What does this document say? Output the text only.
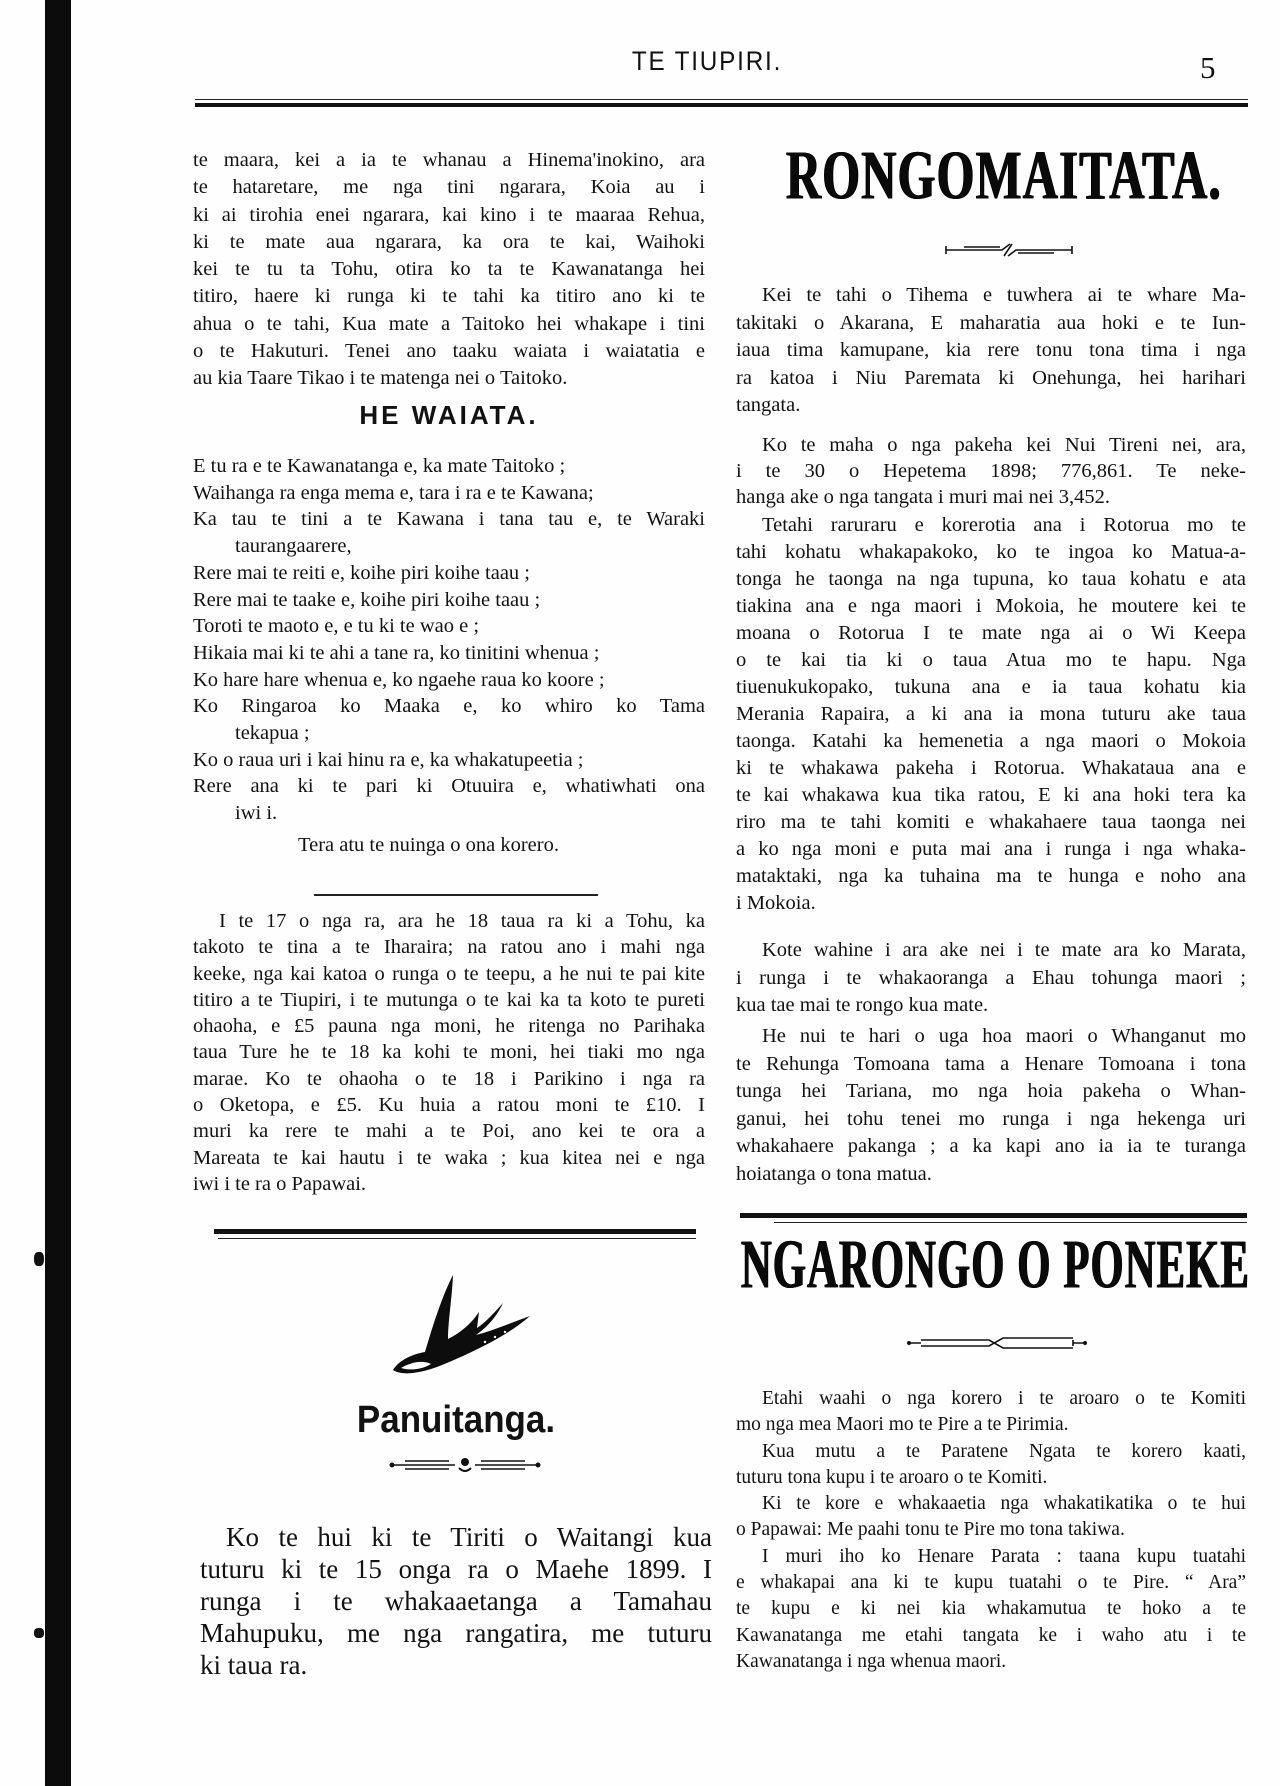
TE TIUPIRI.	5
te maara, kei a ia te whanau a Hinema'inokino, ara
te hataretare, me nga tini ngarara, Koia au i
ki ai tirohia enei ngarara, kai kino i te maaraa Rehua,
ki te mate aua ngarara, ka ora te kai, Waihoki
kei te tu ta Tohu, otira ko ta te Kawanatanga hei
titiro, haere ki runga ki te tahi ka titiro ano ki te
ahua o te tahi, Kua mate a Taitoko hei whakape i tini
o te Hakuturi. Tenei ano taaku waiata i waiatatia e
au kia Taare Tikao i te matenga nei o Taitoko.
HE WAIATA.
E tu ra e te Kawanatanga e, ka mate Taitoko ;
Waihanga ra enga mema e, tara i ra e te Kawana;
Ka tau te tini a te Kawana i tana tau e, te Waraki
taurangaarere,
Rere mai te reiti e, koihe piri koihe taau ;
Rere mai te taake e, koihe piri koihe taau ;
Toroti te maoto e, e tu ki te wao e ;
Hikaia mai ki te ahi a tane ra, ko tinitini whenua ;
Ko hare hare whenua e, ko ngaehe raua ko koore ;
Ko Ringaroa ko Maaka e, ko whiro ko Tama
tekapua ;
Ko o raua uri i kai hinu ra e, ka whakatupeetia ;
Rere ana ki te pari ki Otuuira e, whatiwhati ona
iwi i.
Tera atu te nuinga o ona korero.
I te 17 o nga ra, ara he 18 taua ra ki a Tohu, ka
takoto te tina a te Iharaira; na ratou ano i mahi nga
keeke, nga kai katoa o runga o te teepu, a he nui te pai kite
titiro a te Tiupiri, i te mutunga o te kai ka ta koto te pureti
ohaoha, e £5 pauna nga moni, he ritenga no Parihaka
taua Ture he te 18 ka kohi te moni, hei tiaki mo nga
marae. Ko te ohaoha o te 18 i Parikino i nga ra
o Oketopa, e £5. Ku huia a ratou moni te £10. I
muri ka rere te mahi a te Poi, ano kei te ora a
Mareata te kai hautu i te waka ; kua kitea nei e nga
iwi i te ra o Papawai.
Panuitanga.
Ko te hui ki te Tiriti o Waitangi kua
tuturu ki te 15 onga ra o Maehe 1899. I
runga i te whakaaetanga a Tamahau
Mahupuku, me nga rangatira, me tuturu
ki taua ra.
RONGOMAITATA.
Kei te tahi o Tihema e tuwhera ai te whare Ma-
takitaki o Akarana, E maharatia aua hoki e te Iun-
iaua tima kamupane, kia rere tonu tona tima i nga
ra katoa i Niu Paremata ki Onehunga, hei harihari
tangata.
Ko te maha o nga pakeha kei Nui Tireni nei, ara,
i te 30 o Hepetema 1898; 776,861. Te neke-
hanga ake o nga tangata i muri mai nei 3,452.
Tetahi raruraru e korerotia ana i Rotorua mo te
tahi kohatu whakapakoko, ko te ingoa ko Matua-a-
tonga he taonga na nga tupuna, ko taua kohatu e ata
tiakina ana e nga maori i Mokoia, he moutere kei te
moana o Rotorua I te mate nga ai o Wi Keepa
o te kai tia ki o taua Atua mo te hapu. Nga
tiuenukukopako, tukuna ana e ia taua kohatu kia
Merania Rapaira, a ki ana ia mona tuturu ake taua
taonga. Katahi ka hemenetia a nga maori o Mokoia
ki te whakawa pakeha i Rotorua. Whakataua ana e
te kai whakawa kua tika ratou, E ki ana hoki tera ka
riro ma te tahi komiti e whakahaere taua taonga nei
a ko nga moni e puta mai ana i runga i nga whaka-
mataktaki, nga ka tuhaina ma te hunga e noho ana
i Mokoia.
Kote wahine i ara ake nei i te mate ara ko Marata,
i runga i te whakaoranga a Ehau tohunga maori ;
kua tae mai te rongo kua mate.
He nui te hari o uga hoa maori o Whanganut mo
te Rehunga Tomoana tama a Henare Tomoana i tona
tunga hei Tariana, mo nga hoia pakeha o Whan-
ganui, hei tohu tenei mo runga i nga hekenga uri
whakahaere pakanga ; a ka kapi ano ia ia te turanga
hoiatanga o tona matua.
NGARONGO O PONEKE
Etahi waahi o nga korero i te aroaro o te Komiti
mo nga mea Maori mo te Pire a te Pirimia.
Kua mutu a te Paratene Ngata te korero kaati,
tuturu tona kupu i te aroaro o te Komiti.
Ki te kore e whakaaetia nga whakatikatika o te hui
o Papawai: Me paahi tonu te Pire mo tona takiwa.
I muri iho ko Henare Parata : taana kupu tuatahi
e whakapai ana ki te kupu tuatahi o te Pire. “ Ara”
te kupu e ki nei kia whakamutua te hoko a te
Kawanatanga me etahi tangata ke i waho atu i te
Kawanatanga i nga whenua maori.
